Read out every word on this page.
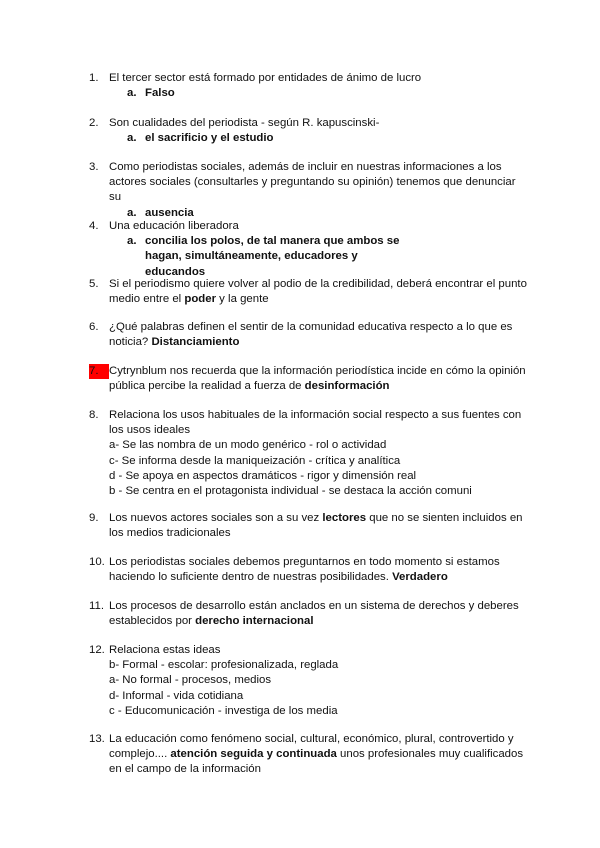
1. El tercer sector está formado por entidades de ánimo de lucro
a. Falso
2. Son cualidades del periodista - según R. kapuscinski-
a. el sacrificio y el estudio
3. Como periodistas sociales, además de incluir en nuestras informaciones a los actores sociales (consultarles y preguntando su opinión) tenemos que denunciar su
a. ausencia
4. Una educación liberadora
a. concilia los polos, de tal manera que ambos se hagan, simultáneamente, educadores y educandos
5. Si el periodismo quiere volver al podio de la credibilidad, deberá encontrar el punto medio entre el poder y la gente
6. ¿Qué palabras definen el sentir de la comunidad educativa respecto a lo que es noticia? Distanciamiento
7. Cytrynblum nos recuerda que la información periodística incide en cómo la opinión pública percibe la realidad a fuerza de desinformación
8. Relaciona los usos habituales de la información social respecto a sus fuentes con los usos ideales
a- Se las nombra de un modo genérico - rol o actividad
c- Se informa desde la maniqueización - crítica y analítica
d - Se apoya en aspectos dramáticos - rigor y dimensión real
b - Se centra en el protagonista individual - se destaca la acción comuni
9. Los nuevos actores sociales son a su vez lectores que no se sienten incluidos en los medios tradicionales
10. Los periodistas sociales debemos preguntarnos en todo momento si estamos haciendo lo suficiente dentro de nuestras posibilidades. Verdadero
11. Los procesos de desarrollo están anclados en un sistema de derechos y deberes establecidos por derecho internacional
12. Relaciona estas ideas
b- Formal - escolar: profesionalizada, reglada
a- No formal - procesos, medios
d- Informal - vida cotidiana
c - Educomunicación - investiga de los media
13. La educación como fenómeno social, cultural, económico, plural, controvertido y complejo.... atención seguida y continuada unos profesionales muy cualificados en el campo de la información
